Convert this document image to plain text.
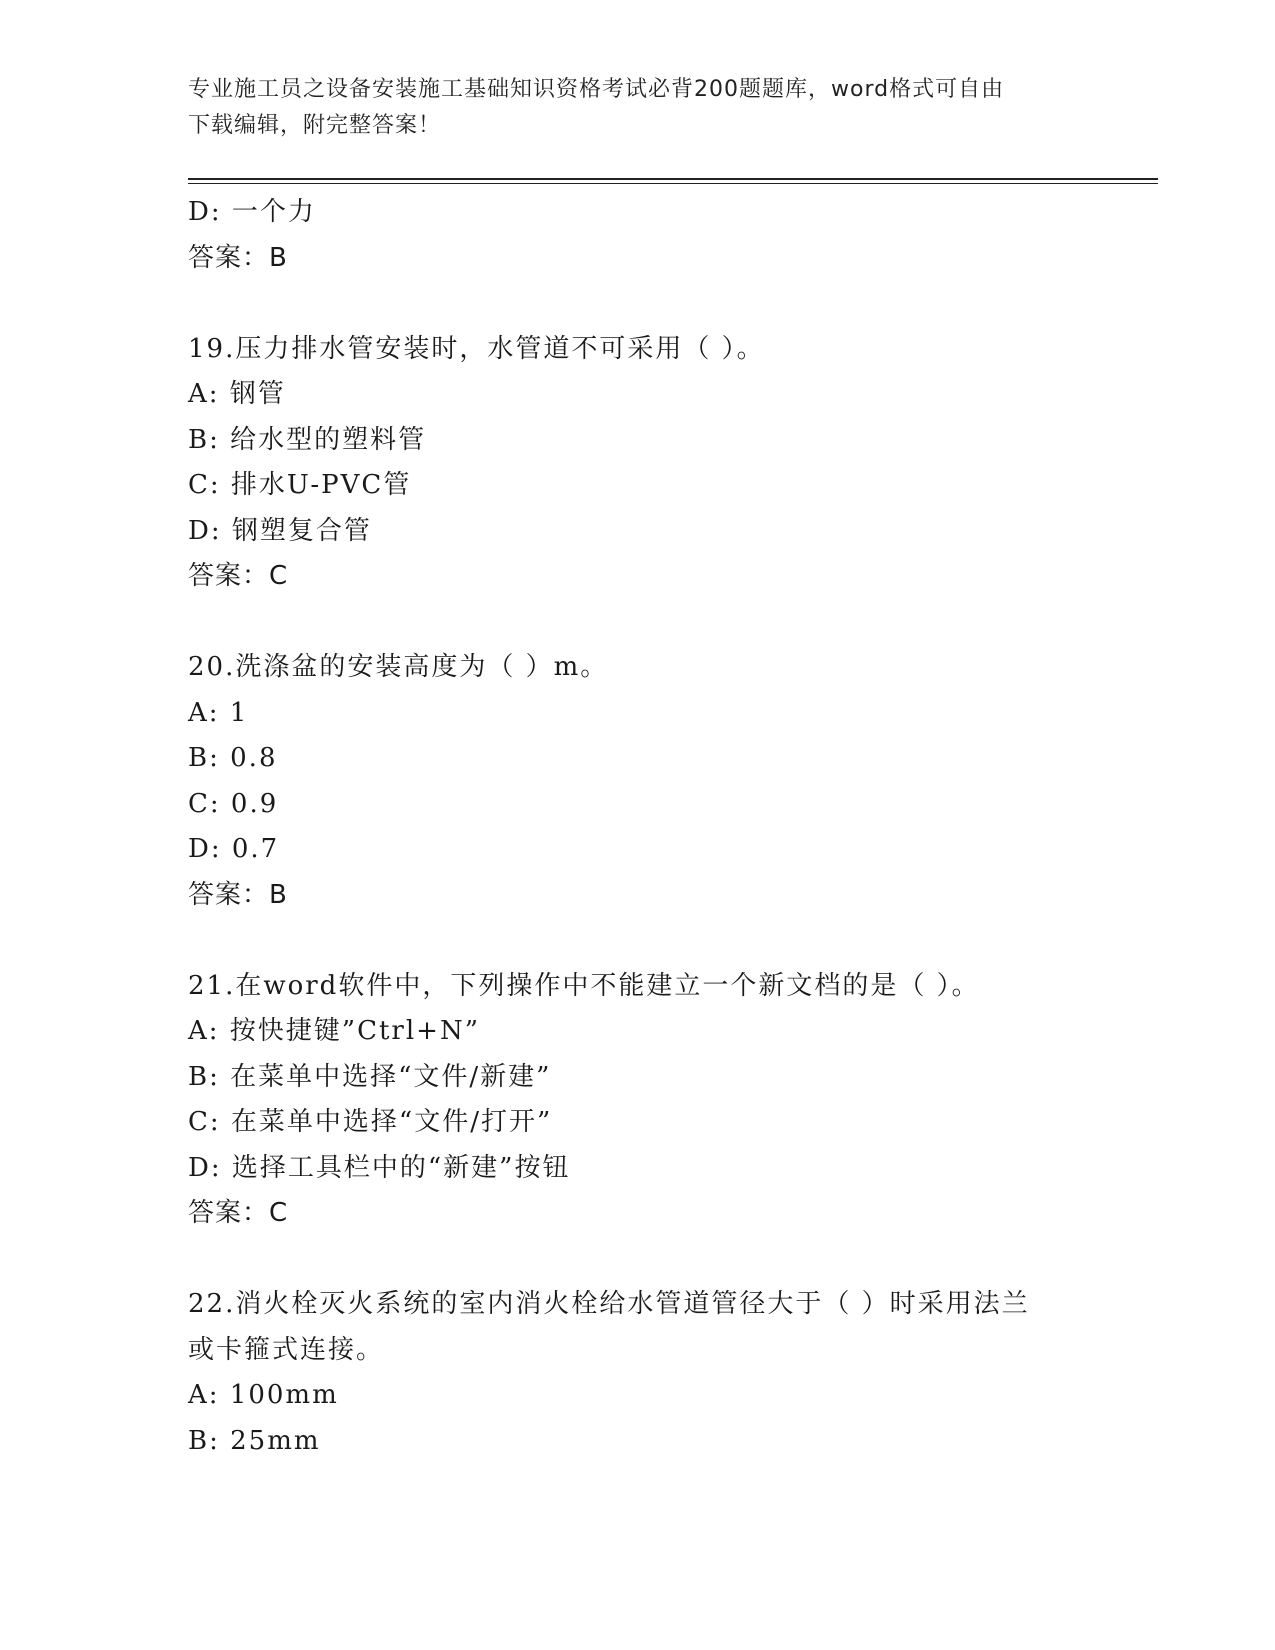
专业施工员之设备安装施工基础知识资格考试必背200题题库，word格式可自由
下载编辑，附完整答案！
D: 一个力
答案：B
19.压力排水管安装时，水管道不可采用（ ）。
A: 钢管
B: 给水型的塑料管
C: 排水U-PVC管
D: 钢塑复合管
答案：C
20.洗涤盆的安装高度为（ ）m。
A: 1
B: 0.8
C: 0.9
D: 0.7
答案：B
21.在word软件中，下列操作中不能建立一个新文档的是（ ）。
A: 按快捷键”Ctrl+N”
B: 在菜单中选择“文件/新建”
C: 在菜单中选择“文件/打开”
D: 选择工具栏中的“新建”按钮
答案：C
22.消火栓灭火系统的室内消火栓给水管道管径大于（ ）时采用法兰
或卡箍式连接。
A: 100mm
B: 25mm
